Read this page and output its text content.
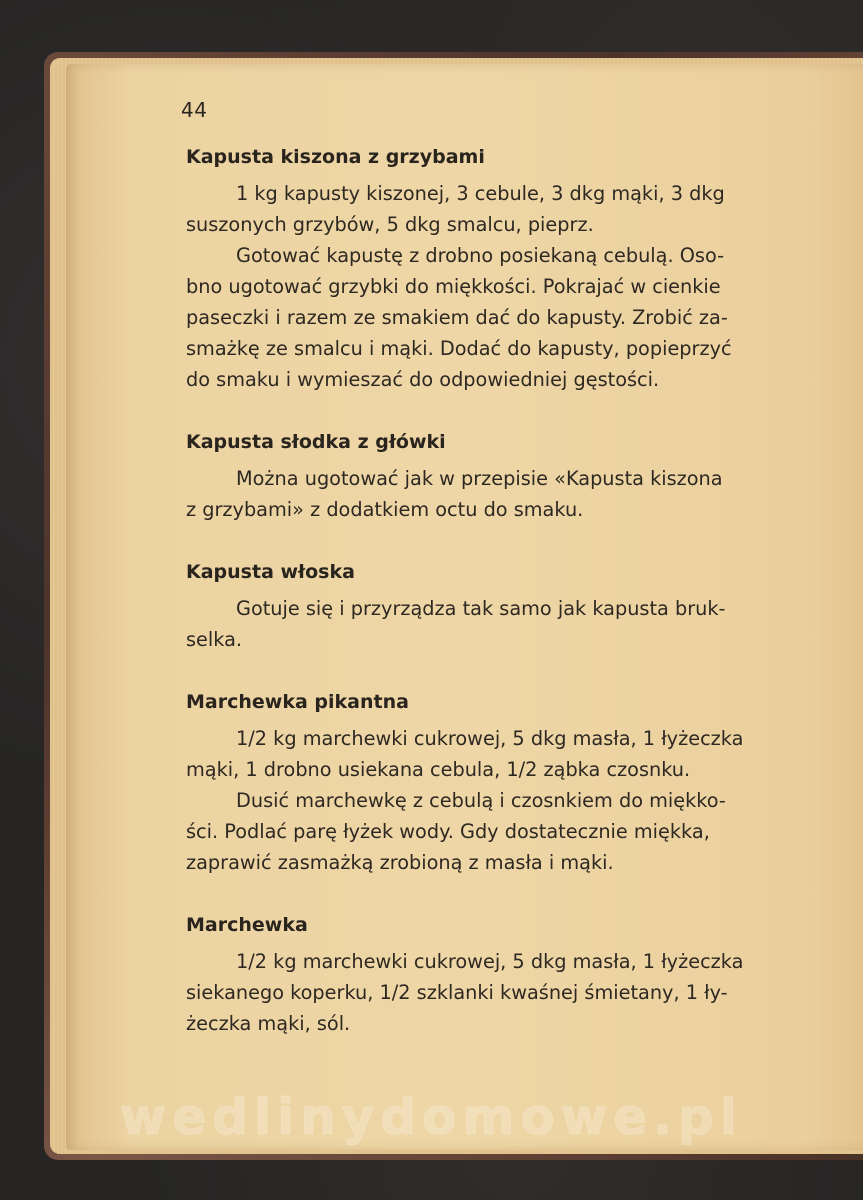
44
Kapusta kiszona z grzybami

1 kg kapusty kiszonej, 3 cebule, 3 dkg mąki, 3 dkg
suszonych grzybów, 5 dkg smalcu, pieprz.

Gotować kapustę z drobno posiekaną cebulą. Oso-
bno ugotować grzybki do miękkości. Pokrajać w cienkie
paseczki i razem ze smakiem dać do kapusty. Zrobić za-
smażkę ze smalcu i mąki. Dodać do kapusty, popieprzyć
do smaku i wymieszać do odpowiedniej gęstości.

Kapusta słodka z główki

Można ugotować jak w przepisie «Kapusta kiszona
z grzybami» z dodatkiem octu do smaku.

Kapusta włoska

Gotuje się i przyrządza tak samo jak kapusta bruk-
selka.

Marchewka pikantna

1/2 kg marchewki cukrowej, 5 dkg masła, 1 łyżeczka
mąki, 1 drobno usiekana cebula, 1/2 ząbka czosnku.

Dusić marchewkę z cebulą i czosnkiem do miękko-
ści. Podlać parę łyżek wody. Gdy dostatecznie miękka,
zaprawić zasmażką zrobioną z masła i mąki.

Marchewka

1/2 kg marchewki cukrowej, 5 dkg masła, 1 łyżeczka
siekanego koperku, 1/2 szklanki kwaśnej śmietany, 1 ły-
żeczka mąki, sól.

wedlinydomowe.pl
